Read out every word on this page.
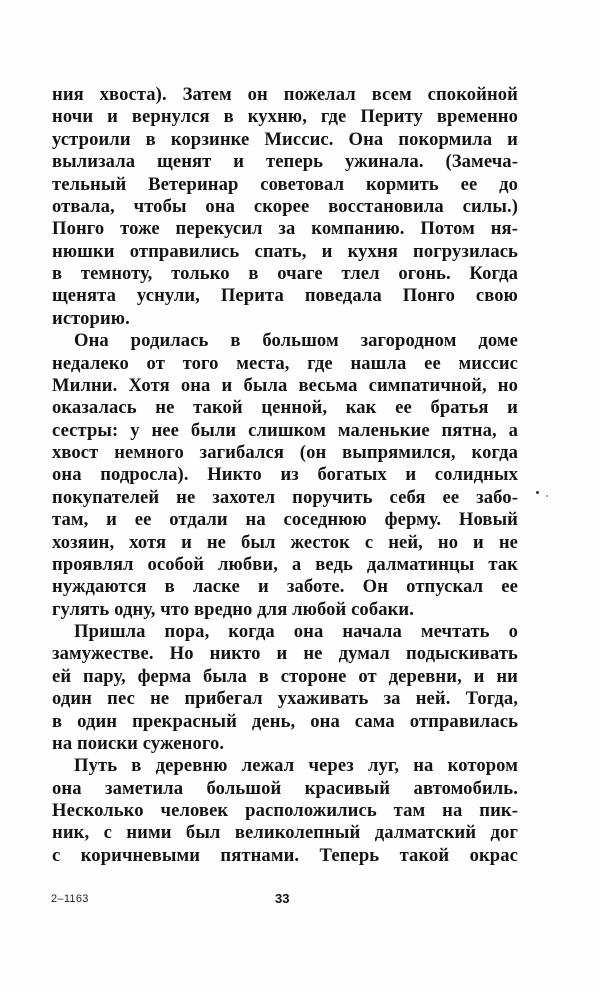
ния хвоста). Затем он пожелал всем спокойной
ночи и вернулся в кухню, где Периту временно
устроили в корзинке Миссис. Она покормила и
вылизала щенят и теперь ужинала. (Замеча-
тельный Ветеринар советовал кормить ее до
отвала, чтобы она скорее восстановила силы.)
Понго тоже перекусил за компанию. Потом ня-
нюшки отправились спать, и кухня погрузилась
в темноту, только в очаге тлел огонь. Когда
щенята уснули, Перита поведала Понго свою
историю.
Она родилась в большом загородном доме
недалеко от того места, где нашла ее миссис
Милни. Хотя она и была весьма симпатичной, но
оказалась не такой ценной, как ее братья и
сестры: у нее были слишком маленькие пятна, а
хвост немного загибался (он выпрямился, когда
она подросла). Никто из богатых и солидных
покупателей не захотел поручить себя ее забо-
там, и ее отдали на соседнюю ферму. Новый
хозяин, хотя и не был жесток с ней, но и не
проявлял особой любви, а ведь далматинцы так
нуждаются в ласке и заботе. Он отпускал ее
гулять одну, что вредно для любой собаки.
Пришла пора, когда она начала мечтать о
замужестве. Но никто и не думал подыскивать
ей пару, ферма была в стороне от деревни, и ни
один пес не прибегал ухаживать за ней. Тогда,
в один прекрасный день, она сама отправилась
на поиски суженого.
Путь в деревню лежал через луг, на котором
она заметила большой красивый автомобиль.
Несколько человек расположились там на пик-
ник, с ними был великолепный далматский дог
с коричневыми пятнами. Теперь такой окрас
2–1163	33
